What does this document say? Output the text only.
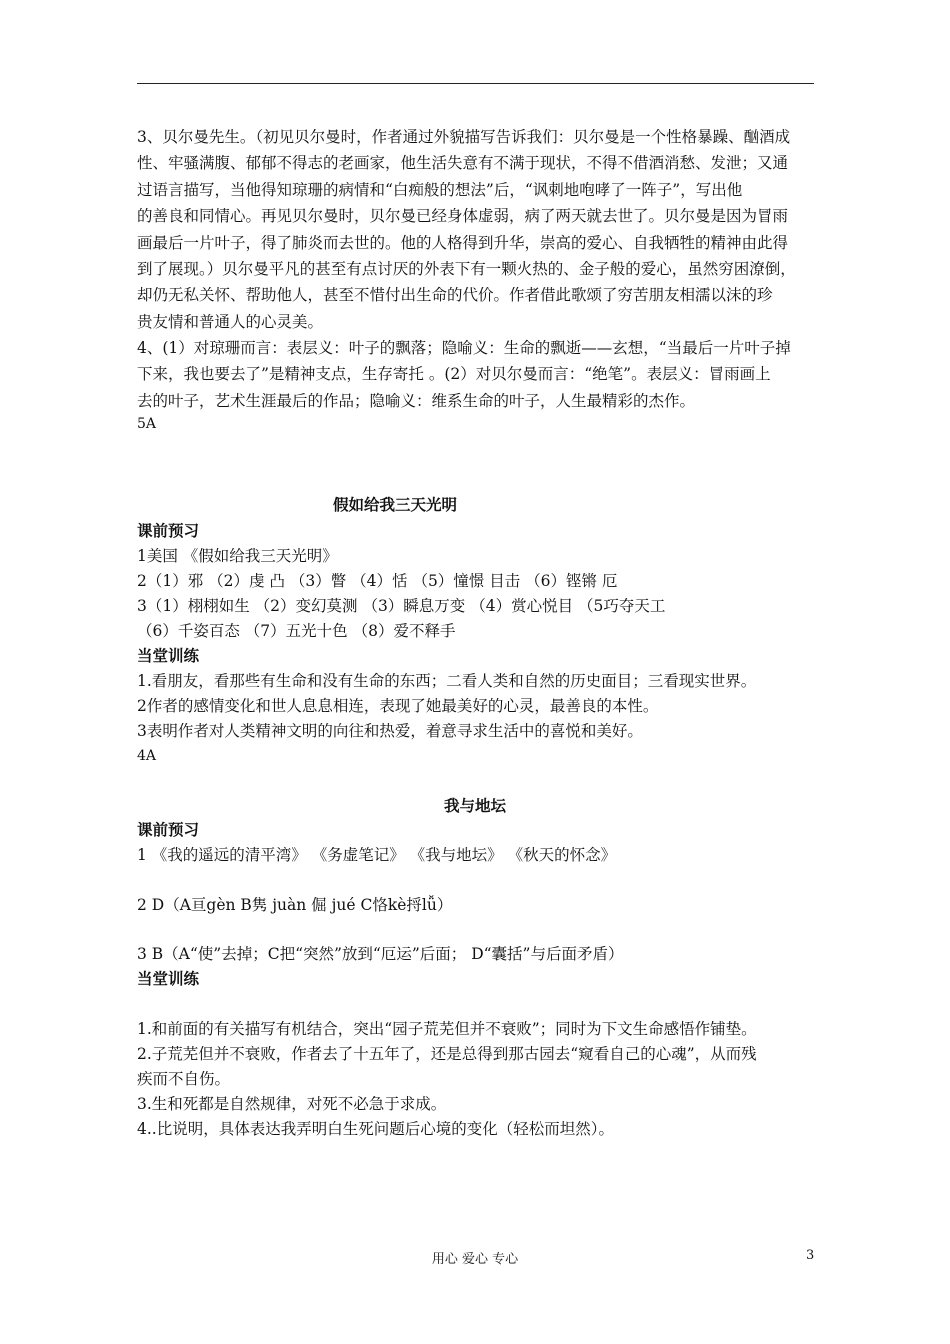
3、贝尔曼先生。（初见贝尔曼时，作者通过外貌描写告诉我们：贝尔曼是一个性格暴躁、酗酒成
性、牢骚满腹、郁郁不得志的老画家，他生活失意有不满于现状，不得不借酒消愁、发泄；又通
过语言描写，当他得知琼珊的病情和“白痴般的想法”后，“讽刺地咆哮了一阵子”，写出他
的善良和同情心。再见贝尔曼时，贝尔曼已经身体虚弱，病了两天就去世了。贝尔曼是因为冒雨
画最后一片叶子，得了肺炎而去世的。他的人格得到升华，崇高的爱心、自我牺牲的精神由此得
到了展现。）贝尔曼平凡的甚至有点讨厌的外表下有一颗火热的、金子般的爱心，虽然穷困潦倒，
却仍无私关怀、帮助他人，甚至不惜付出生命的代价。作者借此歌颂了穷苦朋友相濡以沫的珍
贵友情和普通人的心灵美。
4、(1）对琼珊而言：表层义：叶子的飘落；隐喻义：生命的飘逝——玄想，“当最后一片叶子掉
下来，我也要去了”是精神支点，生存寄托 。(2）对贝尔曼而言：“绝笔”。表层义：冒雨画上
去的叶子，艺术生涯最后的作品；隐喻义：维系生命的叶子，人生最精彩的杰作。
5A
假如给我三天光明
课前预习
1美国 《假如给我三天光明》
2（1）邪 （2）虔 凸 （3）瞥 （4）恬 （5）憧憬 目击 （6）铿锵 厄
3（1）栩栩如生 （2）变幻莫测 （3）瞬息万变 （4）赏心悦目 （5巧夺天工
（6）千姿百态 （7）五光十色 （8）爱不释手
当堂训练
1.看朋友，看那些有生命和没有生命的东西；二看人类和自然的历史面目；三看现实世界。
2作者的感情变化和世人息息相连，表现了她最美好的心灵，最善良的本性。
3表明作者对人类精神文明的向往和热爱，着意寻求生活中的喜悦和美好。
4A
我与地坛
课前预习
1 《我的遥远的清平湾》 《务虚笔记》 《我与地坛》 《秋天的怀念》
2 D（A亘gèn B隽 juàn 倔 jué C恪kè捋lǚ）
3 B（A“使”去掉；C把“突然”放到“厄运”后面； D“囊括”与后面矛盾）
当堂训练
1.和前面的有关描写有机结合，突出“园子荒芜但并不衰败”；同时为下文生命感悟作铺垫。
2.子荒芜但并不衰败，作者去了十五年了，还是总得到那古园去“窥看自己的心魂”，从而残
疾而不自伤。
3.生和死都是自然规律，对死不必急于求成。
4..比说明，具体表达我弄明白生死问题后心境的变化（轻松而坦然）。
用心 爱心 专心	3
